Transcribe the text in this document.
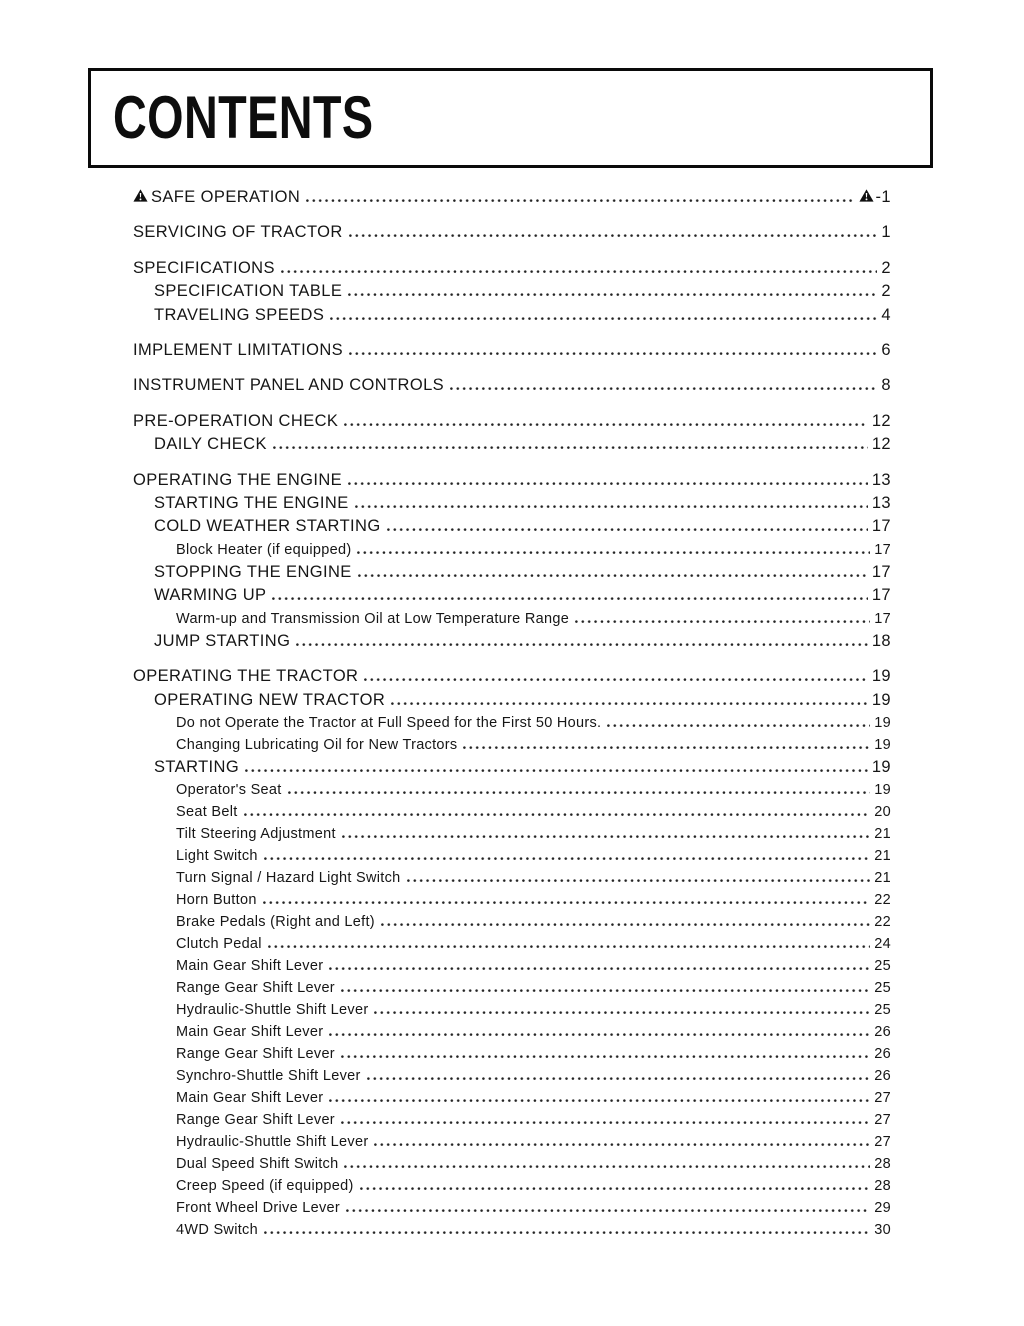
CONTENTS
SAFE OPERATION	-1
SERVICING OF TRACTOR	1
SPECIFICATIONS	2
SPECIFICATION TABLE	2
TRAVELING SPEEDS	4
IMPLEMENT LIMITATIONS	6
INSTRUMENT PANEL AND CONTROLS	8
PRE-OPERATION CHECK	12
DAILY CHECK	12
OPERATING THE ENGINE	13
STARTING THE ENGINE	13
COLD WEATHER STARTING	17
Block Heater (if equipped)	17
STOPPING THE ENGINE	17
WARMING UP	17
Warm-up and Transmission Oil at Low Temperature Range	17
JUMP STARTING	18
OPERATING THE TRACTOR	19
OPERATING NEW TRACTOR	19
Do not Operate the Tractor at Full Speed for the First 50 Hours.	19
Changing Lubricating Oil for New Tractors	19
STARTING	19
Operator's Seat	19
Seat Belt	20
Tilt Steering Adjustment	21
Light Switch	21
Turn Signal / Hazard Light Switch	21
Horn Button	22
Brake Pedals (Right and Left)	22
Clutch Pedal	24
Main Gear Shift Lever	25
Range Gear Shift Lever	25
Hydraulic-Shuttle Shift Lever	25
Main Gear Shift Lever	26
Range Gear Shift Lever	26
Synchro-Shuttle Shift Lever	26
Main Gear Shift Lever	27
Range Gear Shift Lever	27
Hydraulic-Shuttle Shift Lever	27
Dual Speed Shift Switch	28
Creep Speed (if equipped)	28
Front Wheel Drive Lever	29
4WD Switch	30
